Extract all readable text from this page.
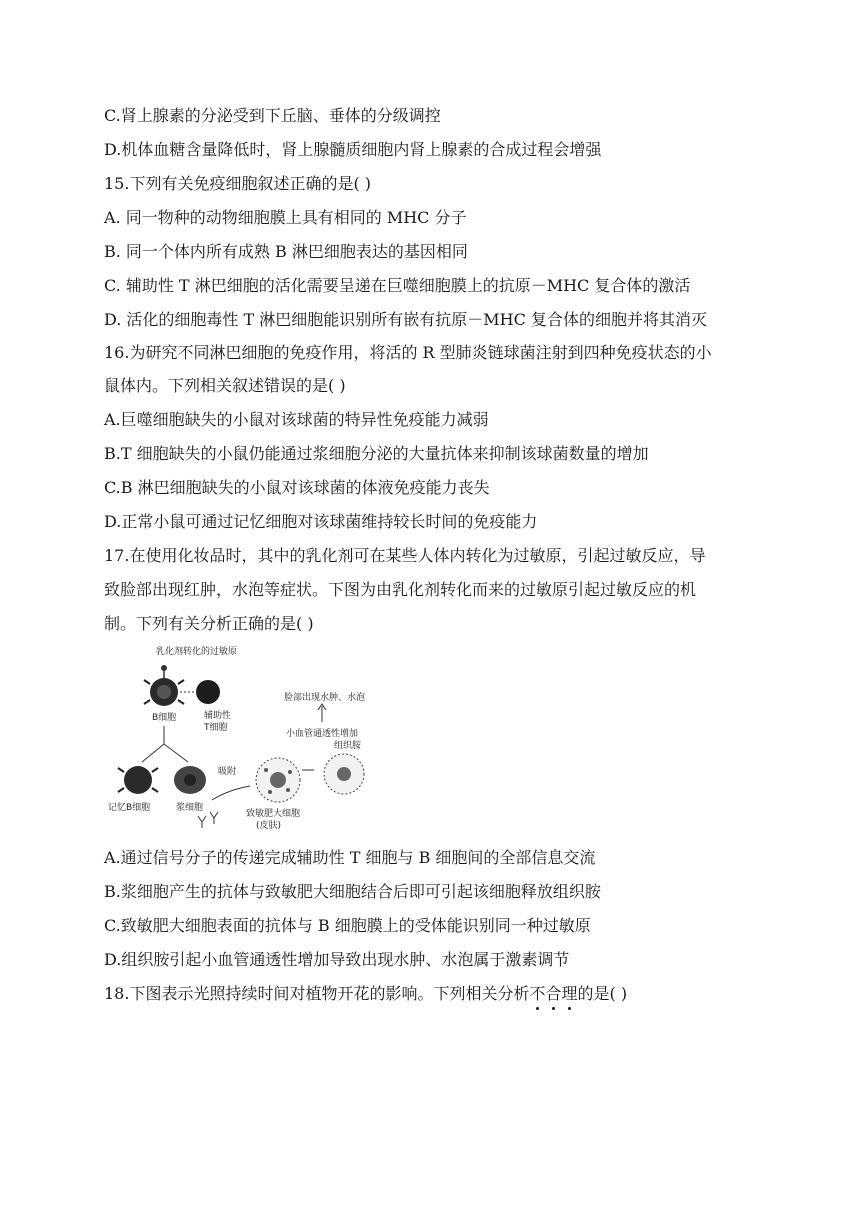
C.肾上腺素的分泌受到下丘脑、垂体的分级调控
D.机体血糖含量降低时，肾上腺髓质细胞内肾上腺素的合成过程会增强
15.下列有关免疫细胞叙述正确的是( )
A. 同一物种的动物细胞膜上具有相同的 MHC 分子
B. 同一个体内所有成熟 B 淋巴细胞表达的基因相同
C. 辅助性 T 淋巴细胞的活化需要呈递在巨噬细胞膜上的抗原－MHC 复合体的激活
D. 活化的细胞毒性 T 淋巴细胞能识别所有嵌有抗原－MHC 复合体的细胞并将其消灭
16.为研究不同淋巴细胞的免疫作用，将活的 R 型肺炎链球菌注射到四种免疫状态的小
鼠体内。下列相关叙述错误的是( )
A.巨噬细胞缺失的小鼠对该球菌的特异性免疫能力减弱
B.T 细胞缺失的小鼠仍能通过浆细胞分泌的大量抗体来抑制该球菌数量的增加
C.B 淋巴细胞缺失的小鼠对该球菌的体液免疫能力丧失
D.正常小鼠可通过记忆细胞对该球菌维持较长时间的免疫能力
17.在使用化妆品时，其中的乳化剂可在某些人体内转化为过敏原，引起过敏反应，导
致脸部出现红肿，水泡等症状。下图为由乳化剂转化而来的过敏原引起过敏反应的机
制。下列有关分析正确的是( )
乳化剂转化的过敏原
B细胞	辅助性
T细胞
记忆B细胞	浆细胞
吸附
致敏肥大细胞
(皮肤)
组织胺
小血管通透性增加
脸部出现水肿、水泡
A.通过信号分子的传递完成辅助性 T 细胞与 B 细胞间的全部信息交流
B.浆细胞产生的抗体与致敏肥大细胞结合后即可引起该细胞释放组织胺
C.致敏肥大细胞表面的抗体与 B 细胞膜上的受体能识别同一种过敏原
D.组织胺引起小血管通透性增加导致出现水肿、水泡属于激素调节
18.下图表示光照持续时间对植物开花的影响。下列相关分析不合理的是( )
